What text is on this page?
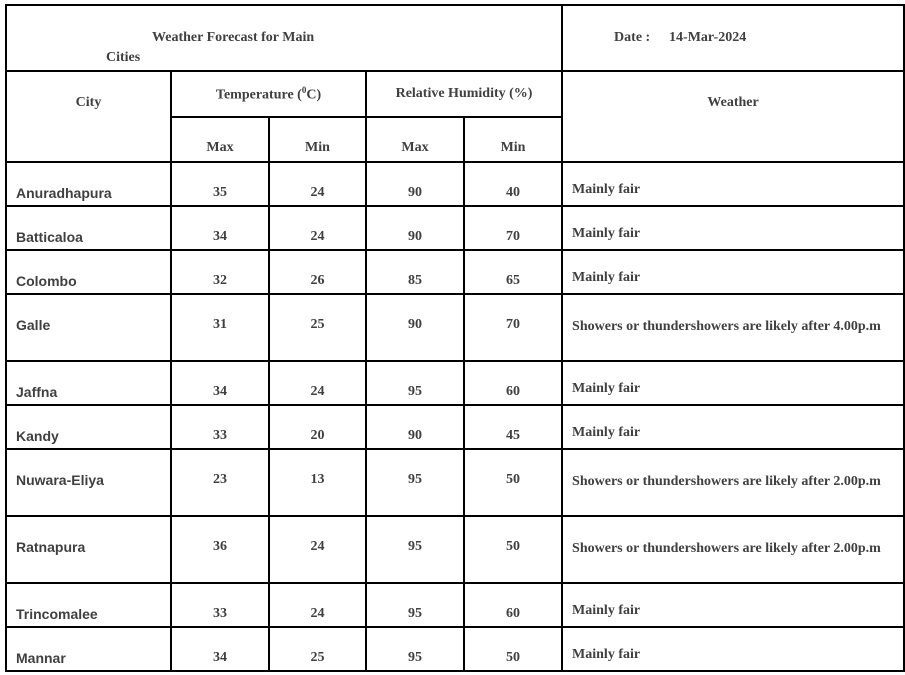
Weather Forecast for Main
Cities					Date : 14-Mar-2024

City	Temperature ($^0$C)		Relative Humidity (%)		Weather
	Max	Min	Max	Min	
Anuradhapura	35	24	90	40	Mainly fair
Batticaloa	34	24	90	70	Mainly fair
Colombo	32	26	85	65	Mainly fair
Galle	31	25	90	70	Showers or thundershowers are likely after 4.00p.m
Jaffna	34	24	95	60	Mainly fair
Kandy	33	20	90	45	Mainly fair
Nuwara-Eliya	23	13	95	50	Showers or thundershowers are likely after 2.00p.m
Ratnapura	36	24	95	50	Showers or thundershowers are likely after 2.00p.m
Trincomalee	33	24	95	60	Mainly fair
Mannar	34	25	95	50	Mainly fair
